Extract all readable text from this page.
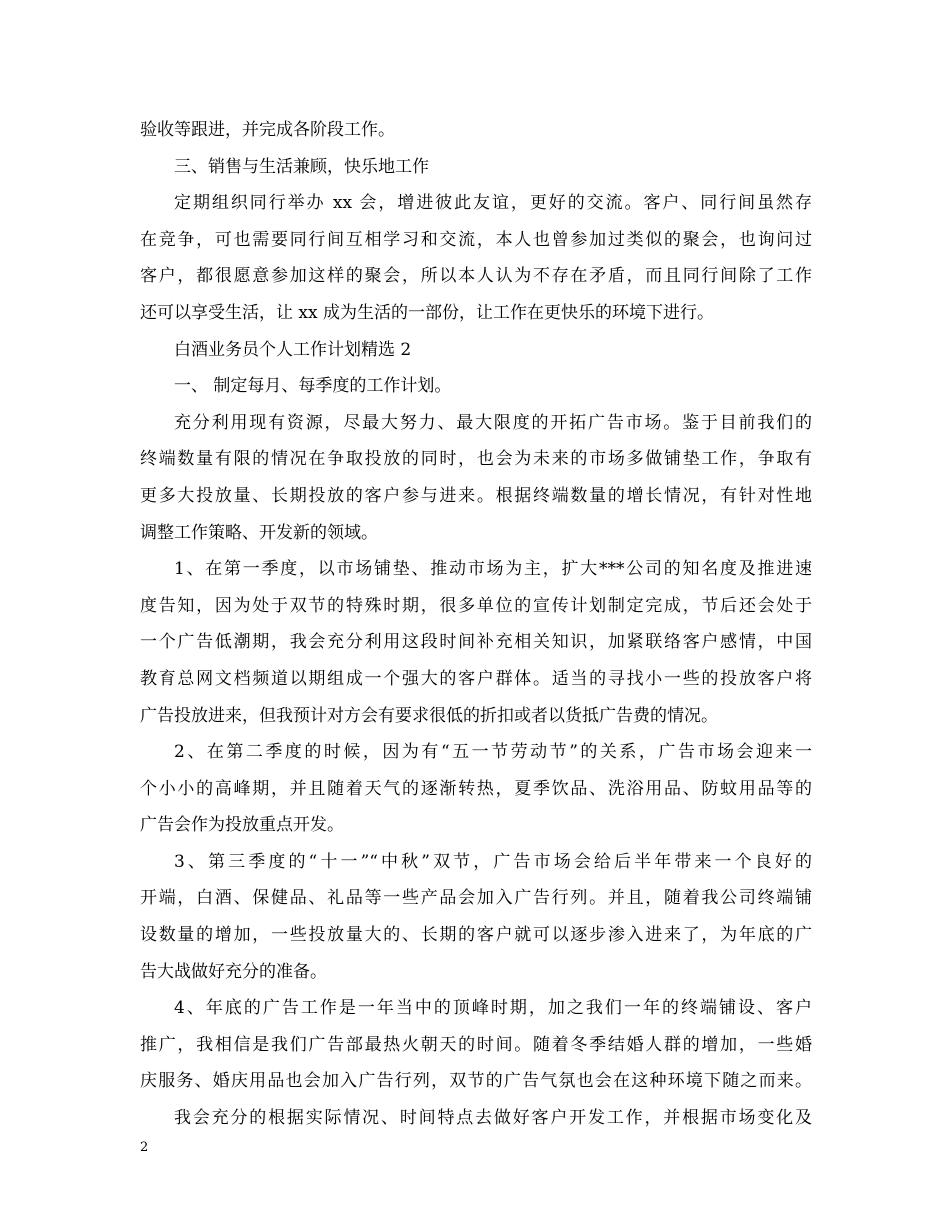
验收等跟进，并完成各阶段工作。
三、销售与生活兼顾，快乐地工作
定期组织同行举办 xx 会，增进彼此友谊，更好的交流。客户、同行间虽然存
在竞争，可也需要同行间互相学习和交流，本人也曾参加过类似的聚会，也询问过
客户，都很愿意参加这样的聚会，所以本人认为不存在矛盾，而且同行间除了工作
还可以享受生活，让 xx 成为生活的一部份，让工作在更快乐的环境下进行。
白酒业务员个人工作计划精选 2
一、 制定每月、每季度的工作计划。
充分利用现有资源，尽最大努力、最大限度的开拓广告市场。鉴于目前我们的
终端数量有限的情况在争取投放的同时，也会为未来的市场多做铺垫工作，争取有
更多大投放量、长期投放的客户参与进来。根据终端数量的增长情况，有针对性地
调整工作策略、开发新的领域。
1、在第一季度，以市场铺垫、推动市场为主，扩大***公司的知名度及推进速
度告知，因为处于双节的特殊时期，很多单位的宣传计划制定完成，节后还会处于
一个广告低潮期，我会充分利用这段时间补充相关知识，加紧联络客户感情，中国
教育总网文档频道以期组成一个强大的客户群体。适当的寻找小一些的投放客户将
广告投放进来，但我预计对方会有要求很低的折扣或者以货抵广告费的情况。
2、在第二季度的时候，因为有“五一节劳动节”的关系，广告市场会迎来一
个小小的高峰期，并且随着天气的逐渐转热，夏季饮品、洗浴用品、防蚊用品等的
广告会作为投放重点开发。
3、第三季度的“十一”“中秋”双节，广告市场会给后半年带来一个良好的
开端，白酒、保健品、礼品等一些产品会加入广告行列。并且，随着我公司终端铺
设数量的增加，一些投放量大的、长期的客户就可以逐步渗入进来了，为年底的广
告大战做好充分的准备。
4、年底的广告工作是一年当中的顶峰时期，加之我们一年的终端铺设、客户
推广，我相信是我们广告部最热火朝天的时间。随着冬季结婚人群的增加，一些婚
庆服务、婚庆用品也会加入广告行列，双节的广告气氛也会在这种环境下随之而来。
我会充分的根据实际情况、时间特点去做好客户开发工作，并根据市场变化及
2
